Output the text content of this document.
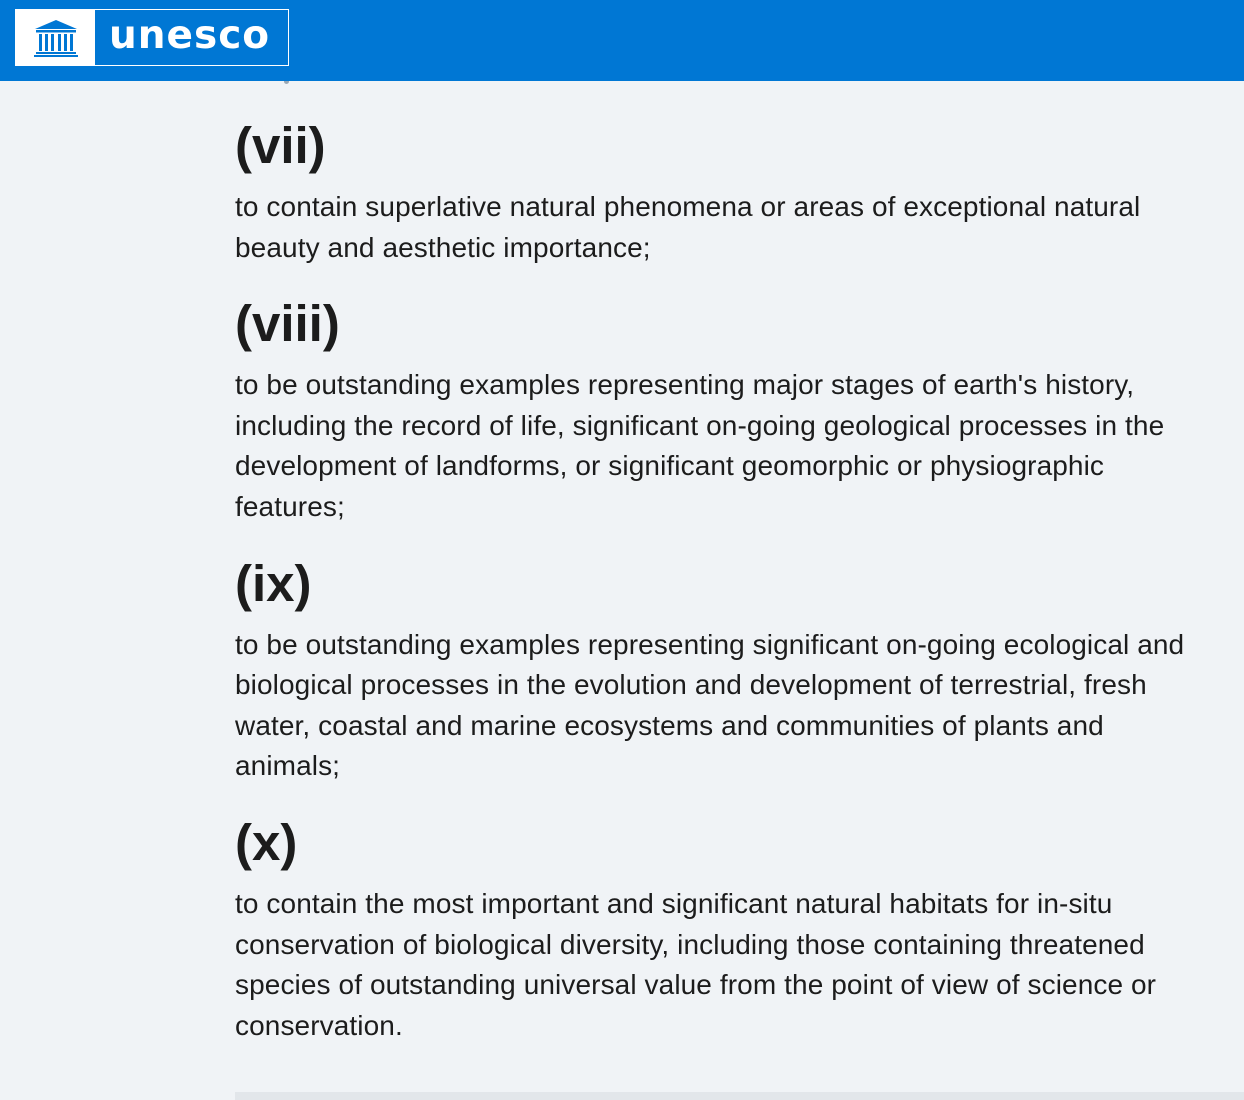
unesco
(vii)

to contain superlative natural phenomena or areas of exceptional natural beauty and aesthetic importance;

(viii)

to be outstanding examples representing major stages of earth's history, including the record of life, significant on-going geological processes in the development of landforms, or significant geomorphic or physiographic features;

(ix)

to be outstanding examples representing significant on-going ecological and biological processes in the evolution and development of terrestrial, fresh water, coastal and marine ecosystems and communities of plants and animals;

(x)

to contain the most important and significant natural habitats for in-situ conservation of biological diversity, including those containing threatened species of outstanding universal value from the point of view of science or conservation.
